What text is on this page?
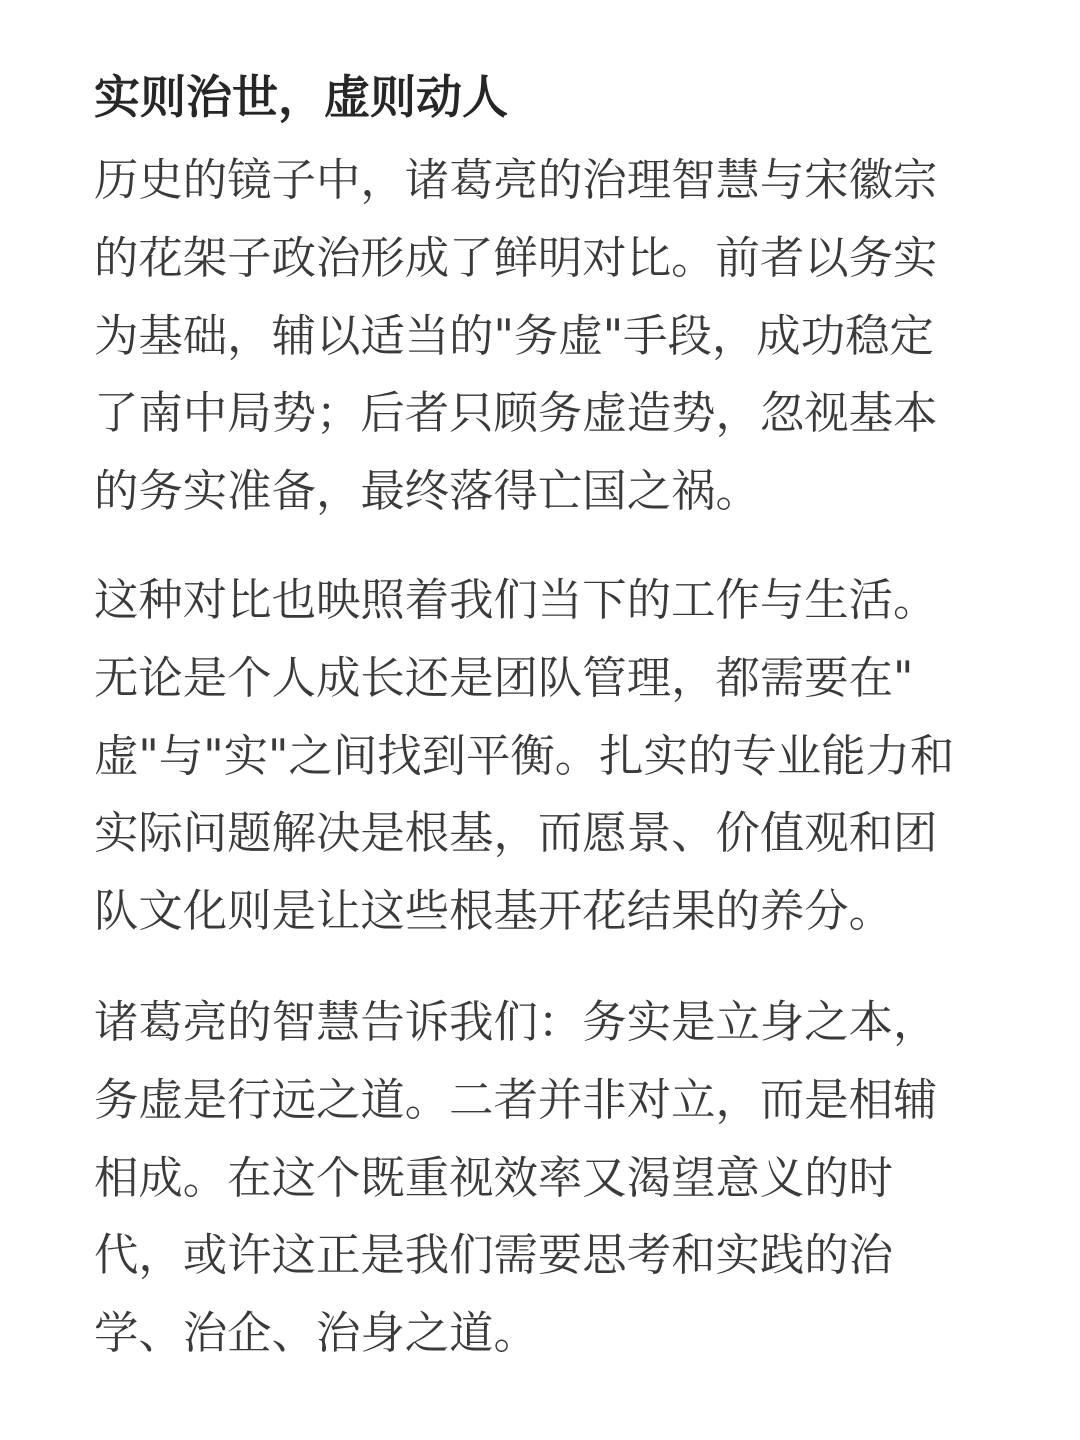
实则治世，虚则动人

历史的镜子中，诸葛亮的治理智慧与宋徽宗
的花架子政治形成了鲜明对比。前者以务实
为基础，辅以适当的"务虚"手段，成功稳定
了南中局势；后者只顾务虚造势，忽视基本
的务实准备，最终落得亡国之祸。

这种对比也映照着我们当下的工作与生活。
无论是个人成长还是团队管理，都需要在"
虚"与"实"之间找到平衡。扎实的专业能力和
实际问题解决是根基，而愿景、价值观和团
队文化则是让这些根基开花结果的养分。

诸葛亮的智慧告诉我们：务实是立身之本，
务虚是行远之道。二者并非对立，而是相辅
相成。在这个既重视效率又渴望意义的时
代，或许这正是我们需要思考和实践的治
学、治企、治身之道。
